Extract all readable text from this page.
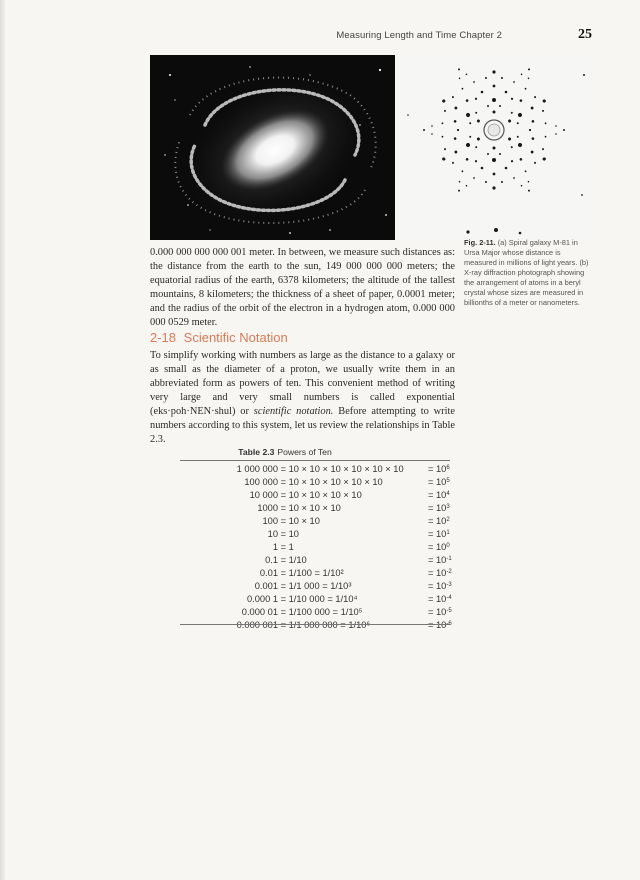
Measuring Length and Time Chapter 2	25

0.000 000 000 000 001 meter. In between, we measure such distances as: the distance from the earth to the sun, 149 000 000 000 meters; the equatorial radius of the earth, 6378 kilometers; the altitude of the tallest mountains, 8 kilometers; the thickness of a sheet of paper, 0.0001 meter; and the radius of the orbit of the electron in a hydrogen atom, 0.000 000 000 0529 meter.

Fig. 2-11. (a) Spiral galaxy M-81 in Ursa Major whose distance is measured in millions of light years. (b) X-ray diffraction photograph showing the arrangement of atoms in a beryl crystal whose sizes are measured in billionths of a meter or nanometers.
2-18 Scientific Notation

To simplify working with numbers as large as the distance to a galaxy or as small as the diameter of a proton, we usually write them in an abbreviated form as powers of ten. This convenient method of writing very large and very small numbers is called exponential (eks·poh·NEN·shul) or scientific notation. Before attempting to write numbers according to this system, let us review the relationships in Table 2.3.

Table 2.3 Powers of Ten
1 000 000	= 10 × 10 × 10 × 10 × 10 × 10	= $10^6$
100 000	= 10 × 10 × 10 × 10 × 10	= $10^5$
10 000	= 10 × 10 × 10 × 10	= $10^4$
1000	= 10 × 10 × 10	= $10^3$
100	= 10 × 10	= $10^2$
10	= 10	= $10^1$
1	= 1	= $10^0$
0.1	= 1/10	= $10^{-1}$
0.01	= 1/100 = 1/10²	= $10^{-2}$
0.001	= 1/1 000 = 1/10³	= $10^{-3}$
0.000 1	= 1/10 000 = 1/10⁴	= $10^{-4}$
0.000 01	= 1/100 000 = 1/10⁵	= $10^{-5}$
0.000 001	= 1/1 000 000 = 1/10⁶	= $10^{-6}$
